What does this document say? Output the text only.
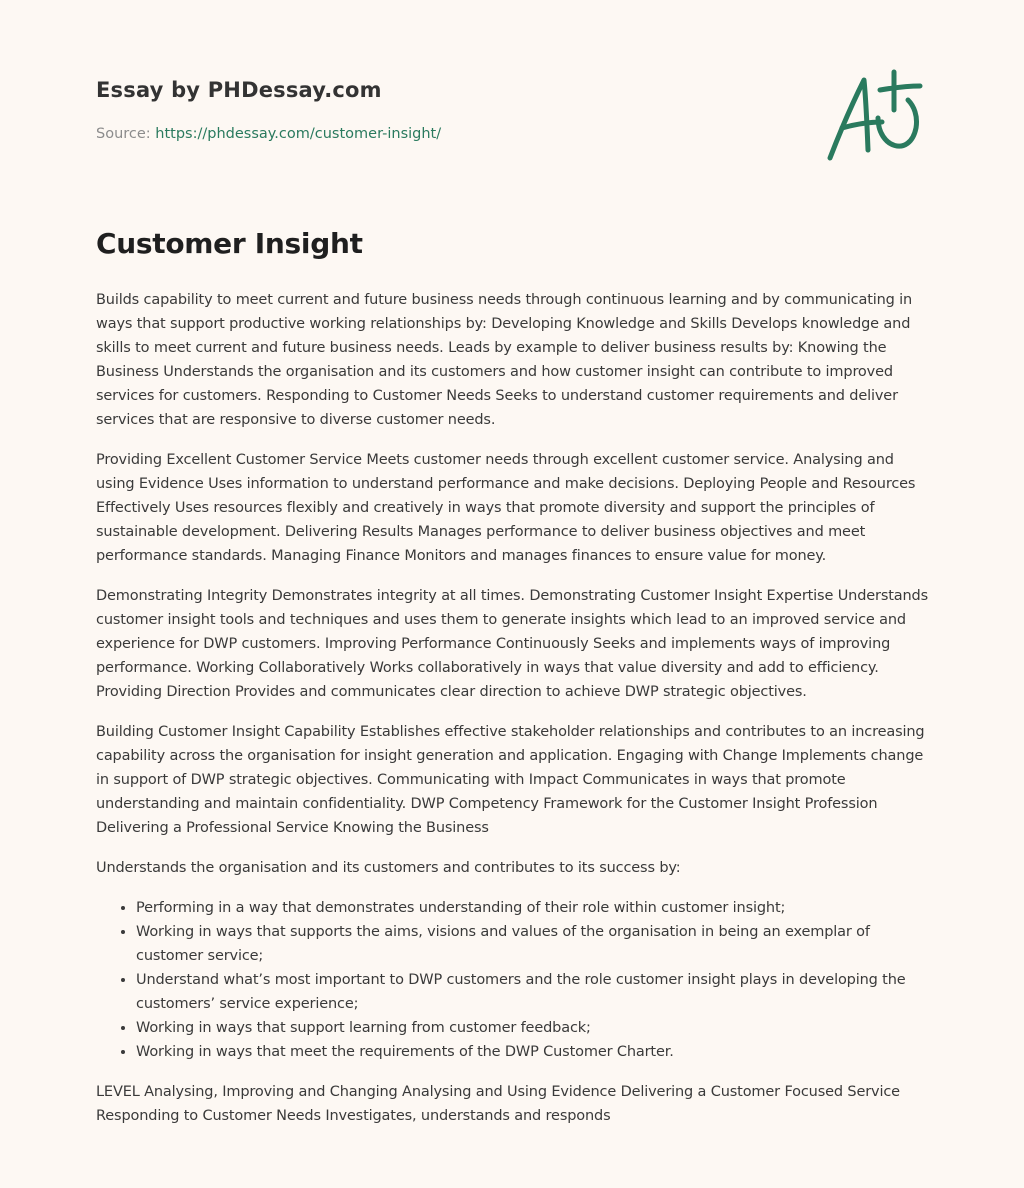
Essay by PHDessay.com
Source: https://phdessay.com/customer-insight/
Customer Insight

Builds capability to meet current and future business needs through continuous learning and by communicating in ways that support productive working relationships by: Developing Knowledge and Skills Develops knowledge and skills to meet current and future business needs. Leads by example to deliver business results by: Knowing the Business Understands the organisation and its customers and how customer insight can contribute to improved services for customers. Responding to Customer Needs Seeks to understand customer requirements and deliver services that are responsive to diverse customer needs.

Providing Excellent Customer Service Meets customer needs through excellent customer service. Analysing and using Evidence Uses information to understand performance and make decisions. Deploying People and Resources Effectively Uses resources flexibly and creatively in ways that promote diversity and support the principles of sustainable development. Delivering Results Manages performance to deliver business objectives and meet performance standards. Managing Finance Monitors and manages finances to ensure value for money.

Demonstrating Integrity Demonstrates integrity at all times. Demonstrating Customer Insight Expertise Understands customer insight tools and techniques and uses them to generate insights which lead to an improved service and experience for DWP customers. Improving Performance Continuously Seeks and implements ways of improving performance. Working Collaboratively Works collaboratively in ways that value diversity and add to efficiency. Providing Direction Provides and communicates clear direction to achieve DWP strategic objectives.

Building Customer Insight Capability Establishes effective stakeholder relationships and contributes to an increasing capability across the organisation for insight generation and application. Engaging with Change Implements change in support of DWP strategic objectives. Communicating with Impact Communicates in ways that promote understanding and maintain confidentiality. DWP Competency Framework for the Customer Insight Profession Delivering a Professional Service Knowing the Business

Understands the organisation and its customers and contributes to its success by:

• Performing in a way that demonstrates understanding of their role within customer insight;
• Working in ways that supports the aims, visions and values of the organisation in being an exemplar of customer service;
• Understand what’s most important to DWP customers and the role customer insight plays in developing the customers’ service experience;
• Working in ways that support learning from customer feedback;
• Working in ways that meet the requirements of the DWP Customer Charter.

LEVEL Analysing, Improving and Changing Analysing and Using Evidence Delivering a Customer Focused Service Responding to Customer Needs Investigates, understands and responds
